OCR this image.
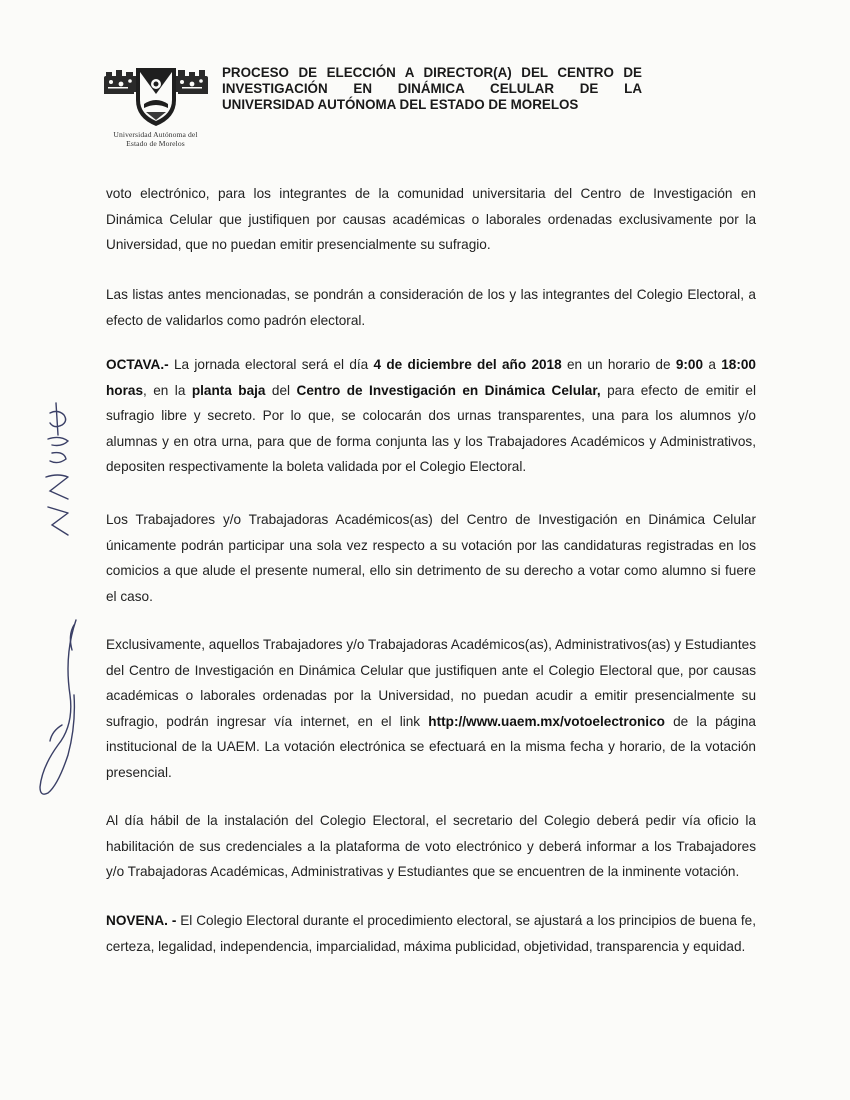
Universidad Autónoma del
Estado de Morelos
PROCESO DE ELECCIÓN A DIRECTOR(A) DEL CENTRO DE
INVESTIGACIÓN EN DINÁMICA CELULAR DE LA
UNIVERSIDAD AUTÓNOMA DEL ESTADO DE MORELOS
voto electrónico, para los integrantes de la comunidad universitaria del Centro de Investigación en Dinámica Celular que justifiquen por causas académicas o laborales ordenadas exclusivamente por la Universidad, que no puedan emitir presencialmente su sufragio.
Las listas antes mencionadas, se pondrán a consideración de los y las integrantes del Colegio Electoral, a efecto de validarlos como padrón electoral.
OCTAVA.- La jornada electoral será el día 4 de diciembre del año 2018 en un horario de 9:00 a 18:00 horas, en la planta baja del Centro de Investigación en Dinámica Celular, para efecto de emitir el sufragio libre y secreto. Por lo que, se colocarán dos urnas transparentes, una para los alumnos y/o alumnas y en otra urna, para que de forma conjunta las y los Trabajadores Académicos y Administrativos, depositen respectivamente la boleta validada por el Colegio Electoral.
Los Trabajadores y/o Trabajadoras Académicos(as) del Centro de Investigación en Dinámica Celular únicamente podrán participar una sola vez respecto a su votación por las candidaturas registradas en los comicios a que alude el presente numeral, ello sin detrimento de su derecho a votar como alumno si fuere el caso.
Exclusivamente, aquellos Trabajadores y/o Trabajadoras Académicos(as), Administrativos(as) y Estudiantes del Centro de Investigación en Dinámica Celular que justifiquen ante el Colegio Electoral que, por causas académicas o laborales ordenadas por la Universidad, no puedan acudir a emitir presencialmente su sufragio, podrán ingresar vía internet, en el link http://www.uaem.mx/votoelectronico de la página institucional de la UAEM. La votación electrónica se efectuará en la misma fecha y horario, de la votación presencial.
Al día hábil de la instalación del Colegio Electoral, el secretario del Colegio deberá pedir vía oficio la habilitación de sus credenciales a la plataforma de voto electrónico y deberá informar a los Trabajadores y/o Trabajadoras Académicas, Administrativas y Estudiantes que se encuentren de la inminente votación.
NOVENA. - El Colegio Electoral durante el procedimiento electoral, se ajustará a los principios de buena fe, certeza, legalidad, independencia, imparcialidad, máxima publicidad, objetividad, transparencia y equidad.
